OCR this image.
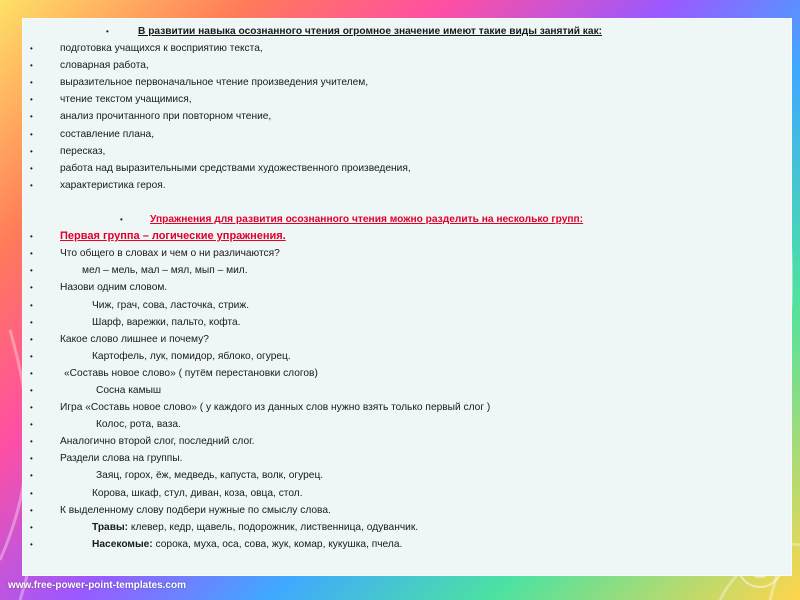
•	В развитии навыка осознанного чтения огромное значение имеют такие виды занятий как:
•	подготовка учащихся к восприятию текста,
•	словарная работа,
•	выразительное первоначальное чтение произведения учителем,
•	чтение текстом учащимися,
•	анализ прочитанного при повторном чтение,
•	составление плана,
•	пересказ,
•	работа над выразительными средствами художественного произведения,
•	характеристика героя.
•	Упражнения для развития осознанного чтения можно разделить на несколько групп:
• Первая группа – логические упражнения.
•	Что общего в словах и чем о ни различаются?
•	мел – мель, мал – мял, мып – мил.
•	Назови одним словом.
•	Чиж, грач, сова, ласточка, стриж.
•	Шарф, варежки, пальто, кофта.
•	Какое слово лишнее и почему?
•	Картофель, лук, помидор, яблоко, огурец.
•	«Составь новое слово» ( путём перестановки слогов)
•	Сосна камыш
•	Игра «Составь новое слово» ( у каждого из данных слов нужно взять только первый слог )
•	Колос, рота, ваза.
•	Аналогично второй слог, последний слог.
•	Раздели слова на группы.
•	Заяц, горох, ёж, медведь, капуста, волк, огурец.
•	Корова, шкаф, стул, диван, коза, овца, стол.
•	К выделенному слову подбери нужные по смыслу слова.
•	Травы: клевер, кедр, щавель, подорожник, лиственница, одуванчик.
•	Насекомые: сорока, муха, оса, сова, жук, комар, кукушка, пчела.
www.free-power-point-templates.com
